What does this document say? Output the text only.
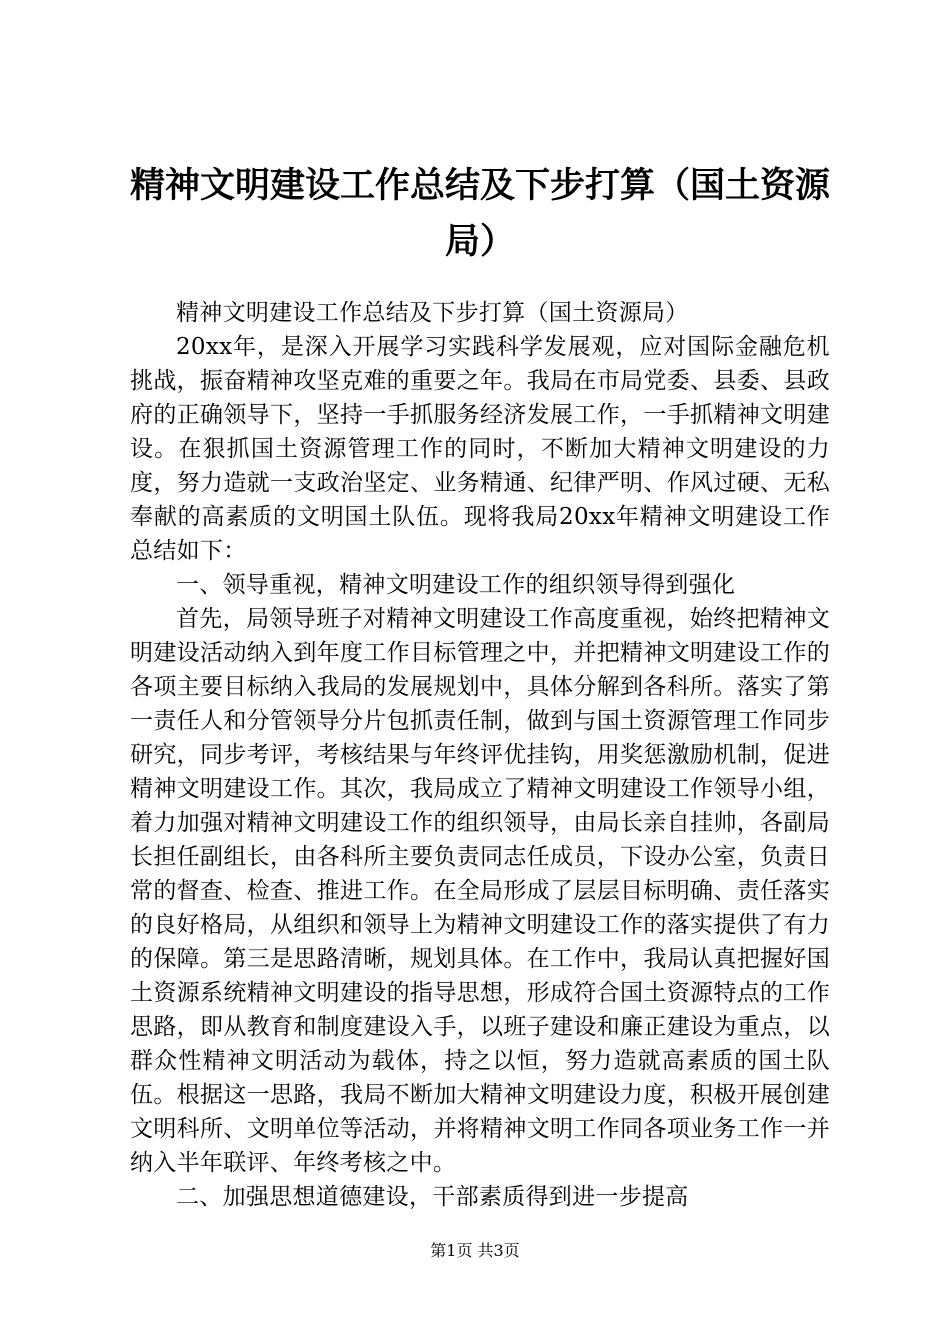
精神文明建设工作总结及下步打算（国土资源局）

精神文明建设工作总结及下步打算（国土资源局）

20xx年，是深入开展学习实践科学发展观，应对国际金融危机挑战，振奋精神攻坚克难的重要之年。我局在市局党委、县委、县政府的正确领导下，坚持一手抓服务经济发展工作，一手抓精神文明建设。在狠抓国土资源管理工作的同时，不断加大精神文明建设的力度，努力造就一支政治坚定、业务精通、纪律严明、作风过硬、无私奉献的高素质的文明国土队伍。现将我局20xx年精神文明建设工作总结如下：

一、领导重视，精神文明建设工作的组织领导得到强化

首先，局领导班子对精神文明建设工作高度重视，始终把精神文明建设活动纳入到年度工作目标管理之中，并把精神文明建设工作的各项主要目标纳入我局的发展规划中，具体分解到各科所。落实了第一责任人和分管领导分片包抓责任制，做到与国土资源管理工作同步研究，同步考评，考核结果与年终评优挂钩，用奖惩激励机制，促进精神文明建设工作。其次，我局成立了精神文明建设工作领导小组，着力加强对精神文明建设工作的组织领导，由局长亲自挂帅，各副局长担任副组长，由各科所主要负责同志任成员，下设办公室，负责日常的督查、检查、推进工作。在全局形成了层层目标明确、责任落实的良好格局，从组织和领导上为精神文明建设工作的落实提供了有力的保障。第三是思路清晰，规划具体。在工作中，我局认真把握好国土资源系统精神文明建设的指导思想，形成符合国土资源特点的工作思路，即从教育和制度建设入手，以班子建设和廉正建设为重点，以群众性精神文明活动为载体，持之以恒，努力造就高素质的国土队伍。根据这一思路，我局不断加大精神文明建设力度，积极开展创建文明科所、文明单位等活动，并将精神文明工作同各项业务工作一并纳入半年联评、年终考核之中。

二、加强思想道德建设，干部素质得到进一步提高

第1页 共3页
